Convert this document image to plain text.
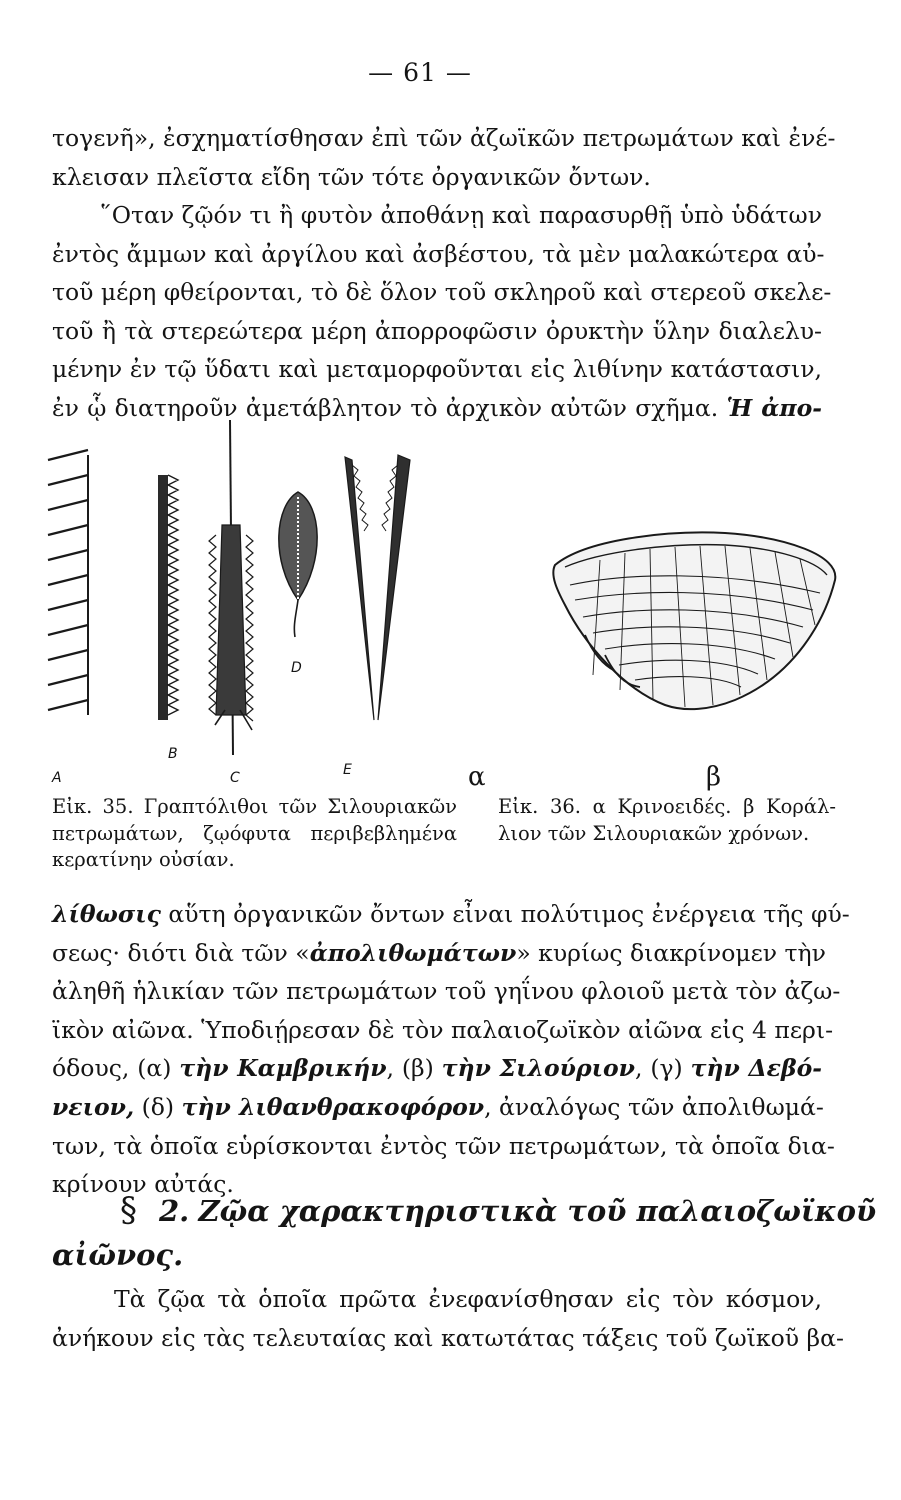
— 61 —
τογενῆ», ἐσχηματίσθησαν ἐπὶ τῶν ἀζωϊκῶν πετρωμάτων καὶ ἐνέ-
κλεισαν πλεῖστα εἴδη τῶν τότε ὀργανικῶν ὄντων.
῞Οταν ζῷόν τι ἢ φυτὸν ἀποθάνῃ καὶ παρασυρθῇ ὑπὸ ὑδάτων
ἐντὸς ἄμμων καὶ ἀργίλου καὶ ἀσβέστου, τὰ μὲν μαλακώτερα αὐ-
τοῦ μέρη φθείρονται, τὸ δὲ ὅλον τοῦ σκληροῦ καὶ στερεοῦ σκελε-
τοῦ ἢ τὰ στερεώτερα μέρη ἀπορροφῶσιν ὀρυκτὴν ὕλην διαλελυ-
μένην ἐν τῷ ὕδατι καὶ μεταμορφοῦνται εἰς λιθίνην κατάστασιν,
ἐν ᾧ διατηροῦν ἀμετάβλητον τὸ ἀρχικὸν αὐτῶν σχῆμα. Ἡ ἀπο-
A
B
C
D
E	α	β
Εἰκ. 35. Γραπτόλιθοι τῶν Σιλουριακῶν
πετρωμάτων, ζῳόφυτα περιβεβλημένα
κερατίνην οὐσίαν.
Εἰκ. 36. α Κρινοειδές. β Κοράλ-
λιον τῶν Σιλουριακῶν χρόνων.
λίθωσις αὕτη ὀργανικῶν ὄντων εἶναι πολύτιμος ἐνέργεια τῆς φύ-
σεως· διότι διὰ τῶν «ἀπολιθωμάτων» κυρίως διακρίνομεν τὴν
ἀληθῆ ἡλικίαν τῶν πετρωμάτων τοῦ γηΐνου φλοιοῦ μετὰ τὸν ἀζω-
ϊκὸν αἰῶνα. Ὑποδιῄρεσαν δὲ τὸν παλαιοζωϊκὸν αἰῶνα εἰς 4 περι-
όδους, (α) τὴν Καμβρικήν, (β) τὴν Σιλούριον, (γ) τὴν Δεβό-
νειον, (δ) τὴν λιθανθρακοφόρον, ἀναλόγως τῶν ἀπολιθωμά-
των, τὰ ὁποῖα εὑρίσκονται ἐντὸς τῶν πετρωμάτων, τὰ ὁποῖα δια-
κρίνουν αὐτάς.
§ 2. Ζῷα χαρακτηριστικὰ τοῦ παλαιοζωϊκοῦ
αἰῶνος.
Τὰ ζῷα τὰ ὁποῖα πρῶτα ἐνεφανίσθησαν εἰς τὸν κόσμον,
ἀνήκουν εἰς τὰς τελευταίας καὶ κατωτάτας τάξεις τοῦ ζωϊκοῦ βα-
